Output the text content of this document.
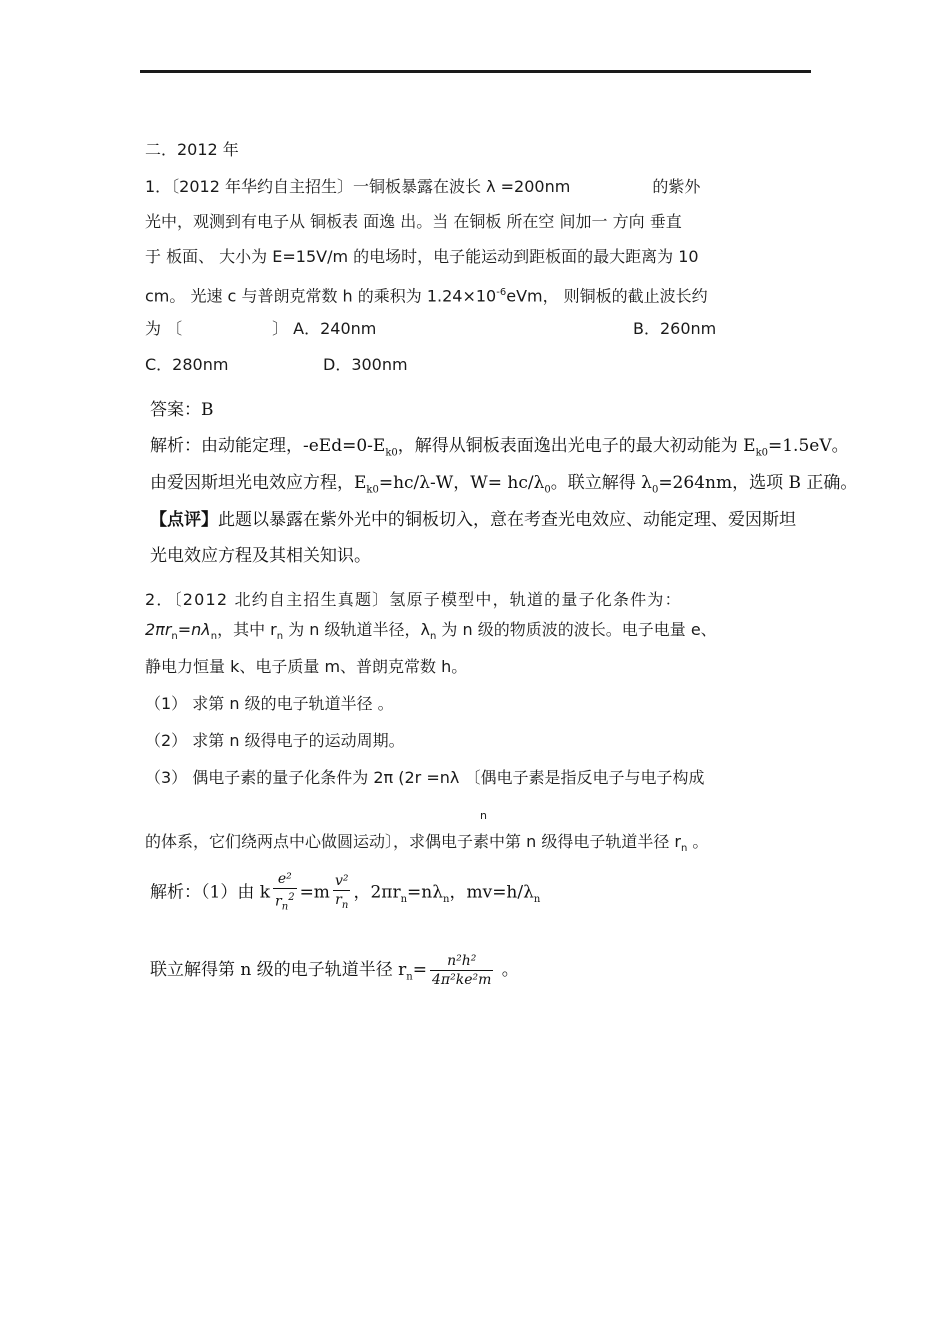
二．2012 年
1．〔2012 年华约自主招生〕一铜板暴露在波长 λ =200nm	的紫外
光中，观测到有电子从 铜板表 面逸 出。当 在铜板 所在空 间加一 方向 垂直
于 板面、 大小为 E=15V/m 的电场时，电子能运动到距板面的最大距离为 10
cm。 光速 c 与普朗克常数 h 的乘积为 $1.24\times 10^{-6}eVm$， 则铜板的截止波长约
为 〔	〕 A．240nm	B．260nm
C．280nm	D．300nm
答案：B
解析：由动能定理，$-eEd=0-E_{k0}$，解得从铜板表面逸出光电子的最大初动能为 $E_{k0}=1.5eV$。
由爱因斯坦光电效应方程，$E_{k0}=hc/\lambda-W$，$W= hc/\lambda_0$。联立解得 $\lambda_0=264nm$，选项 B 正确。
【点评】此题以暴露在紫外光中的铜板切入，意在考查光电效应、动能定理、爱因斯坦
光电效应方程及其相关知识。
2．〔2012 北约自主招生真题〕氢原子模型中，轨道的量子化条件为：
$2\pi r_n=n\lambda_n$，其中 $r_n$ 为 n 级轨道半径，$\lambda_n$ 为 n 级的物质波的波长。电子电量 e、
静电力恒量 k、电子质量 m、普朗克常数 h。
（1） 求第 n 级的电子轨道半径 。
（2） 求第 n 级得电子的运动周期。
（3） 偶电子素的量子化条件为 2π (2r =nλ 〔偶电子素是指反电子与电子构成
n
的体系，它们绕两点中心做圆运动〕，求偶电子素中第 n 级得电子轨道半径 $r_n$ 。
解析：（1）由 k $\frac{\text{e²}}{r_n^2} =m \frac{\text{v²}}{r_n}$ ，$2\pi r_n=n\lambda_n$，$mv=h/\lambda_n$
联立解得第 n 级的电子轨道半径 $r_n= \frac{\text{n²h²}}{\text{4π²ke²m}}$ 。
